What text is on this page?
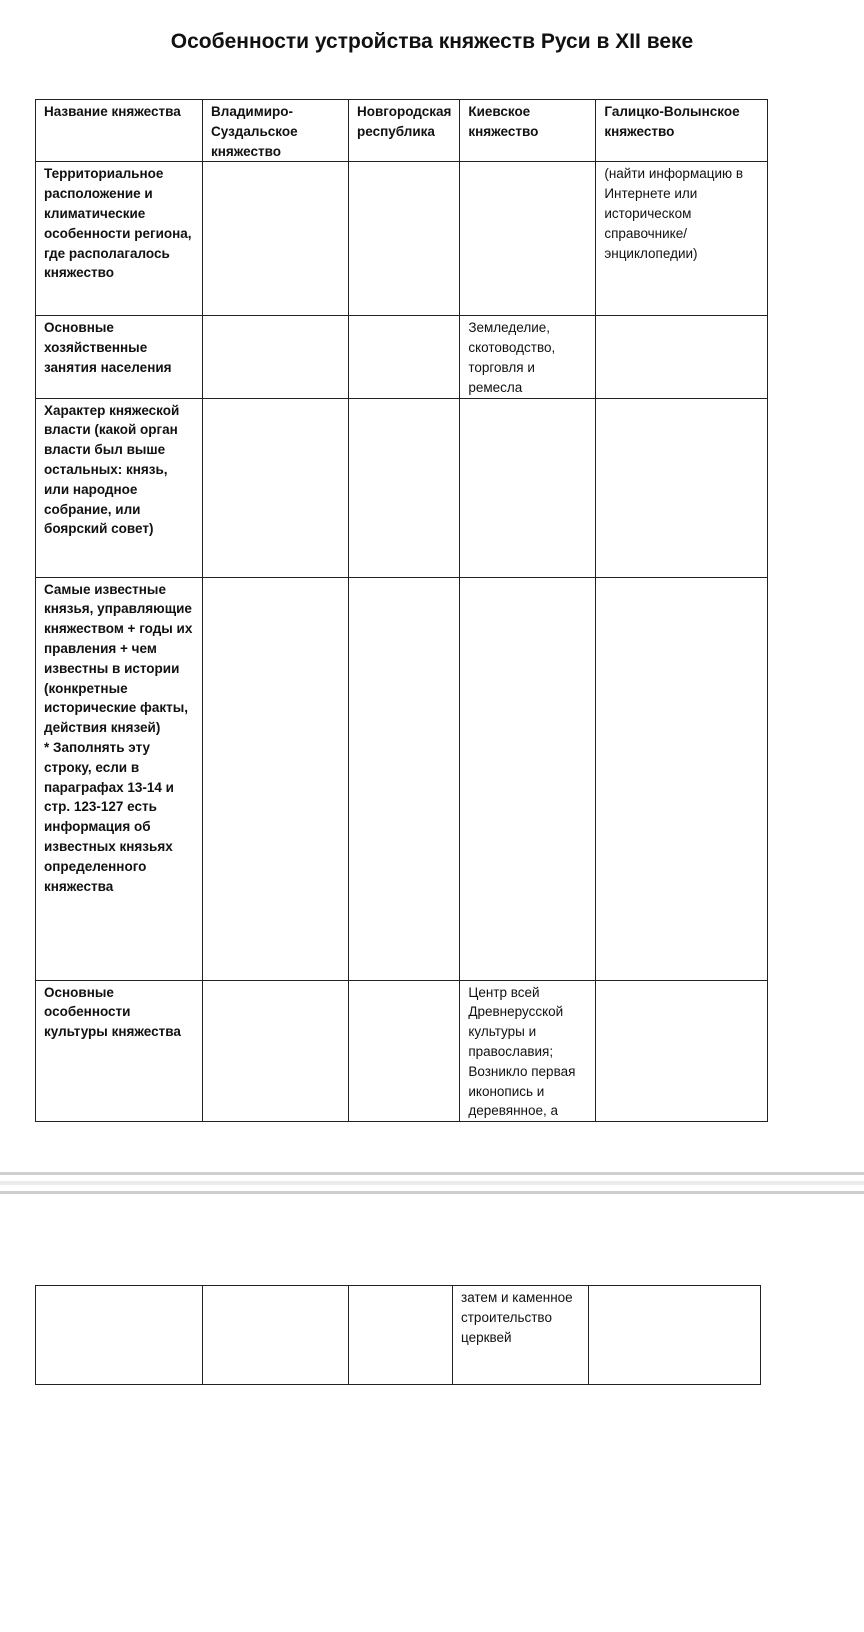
Особенности устройства княжеств Руси в XII веке
Название княжества	Владимиро-Суздальское княжество	Новгородская республика	Киевское княжество	Галицко-Волынское княжество
Территориальное расположение и климатические особенности региона, где располагалось княжество				(найти информацию в Интернете или историческом справочнике/энциклопедии)
Основные хозяйственные занятия населения			Земледелие, скотоводство, торговля и ремесла	
Характер княжеской власти (какой орган власти был выше остальных: князь, или народное собрание, или боярский совет)				

Самые известные князья, управляющие княжеством + годы их правления + чем известны в истории (конкретные исторические факты, действия князей)
* Заполнять эту строку, если в параграфах 13-14 и стр. 123-127 есть информация об известных князьях определенного княжества				

Основные особенности культуры княжества			Центр всей Древнерусской культуры и православия; Возникло первая иконопись и деревянное, а	
			затем и каменное строительство церквей	
